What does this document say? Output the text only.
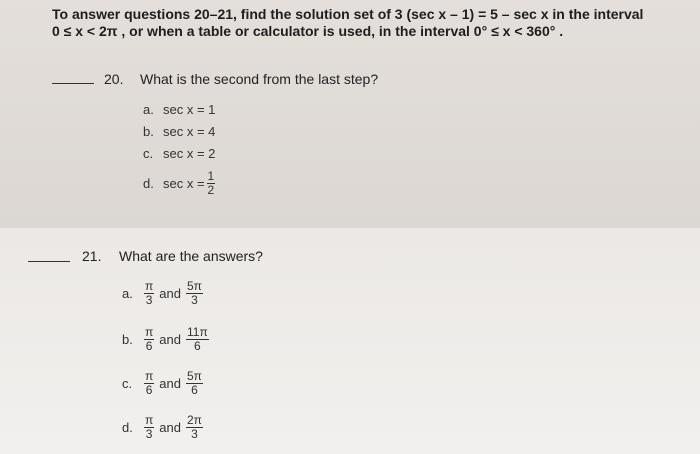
To answer questions 20–21, find the solution set of 3 (sec x – 1) = 5 – sec x in the interval
0 ≤ x < 2π , or when a table or calculator is used, in the interval 0° ≤ x < 360° .
20. What is the second from the last step?
a. sec x = 1
b. sec x = 4
c. sec x = 2
d. $\sec x = \frac{1}{2}$
21. What are the answers?
a. $\frac{\pi}{3}$ and $\frac{5\pi}{3}$
b. $\frac{\pi}{6}$ and $\frac{11\pi}{6}$
c. $\frac{\pi}{6}$ and $\frac{5\pi}{6}$
d. $\frac{\pi}{3}$ and $\frac{2\pi}{3}$
